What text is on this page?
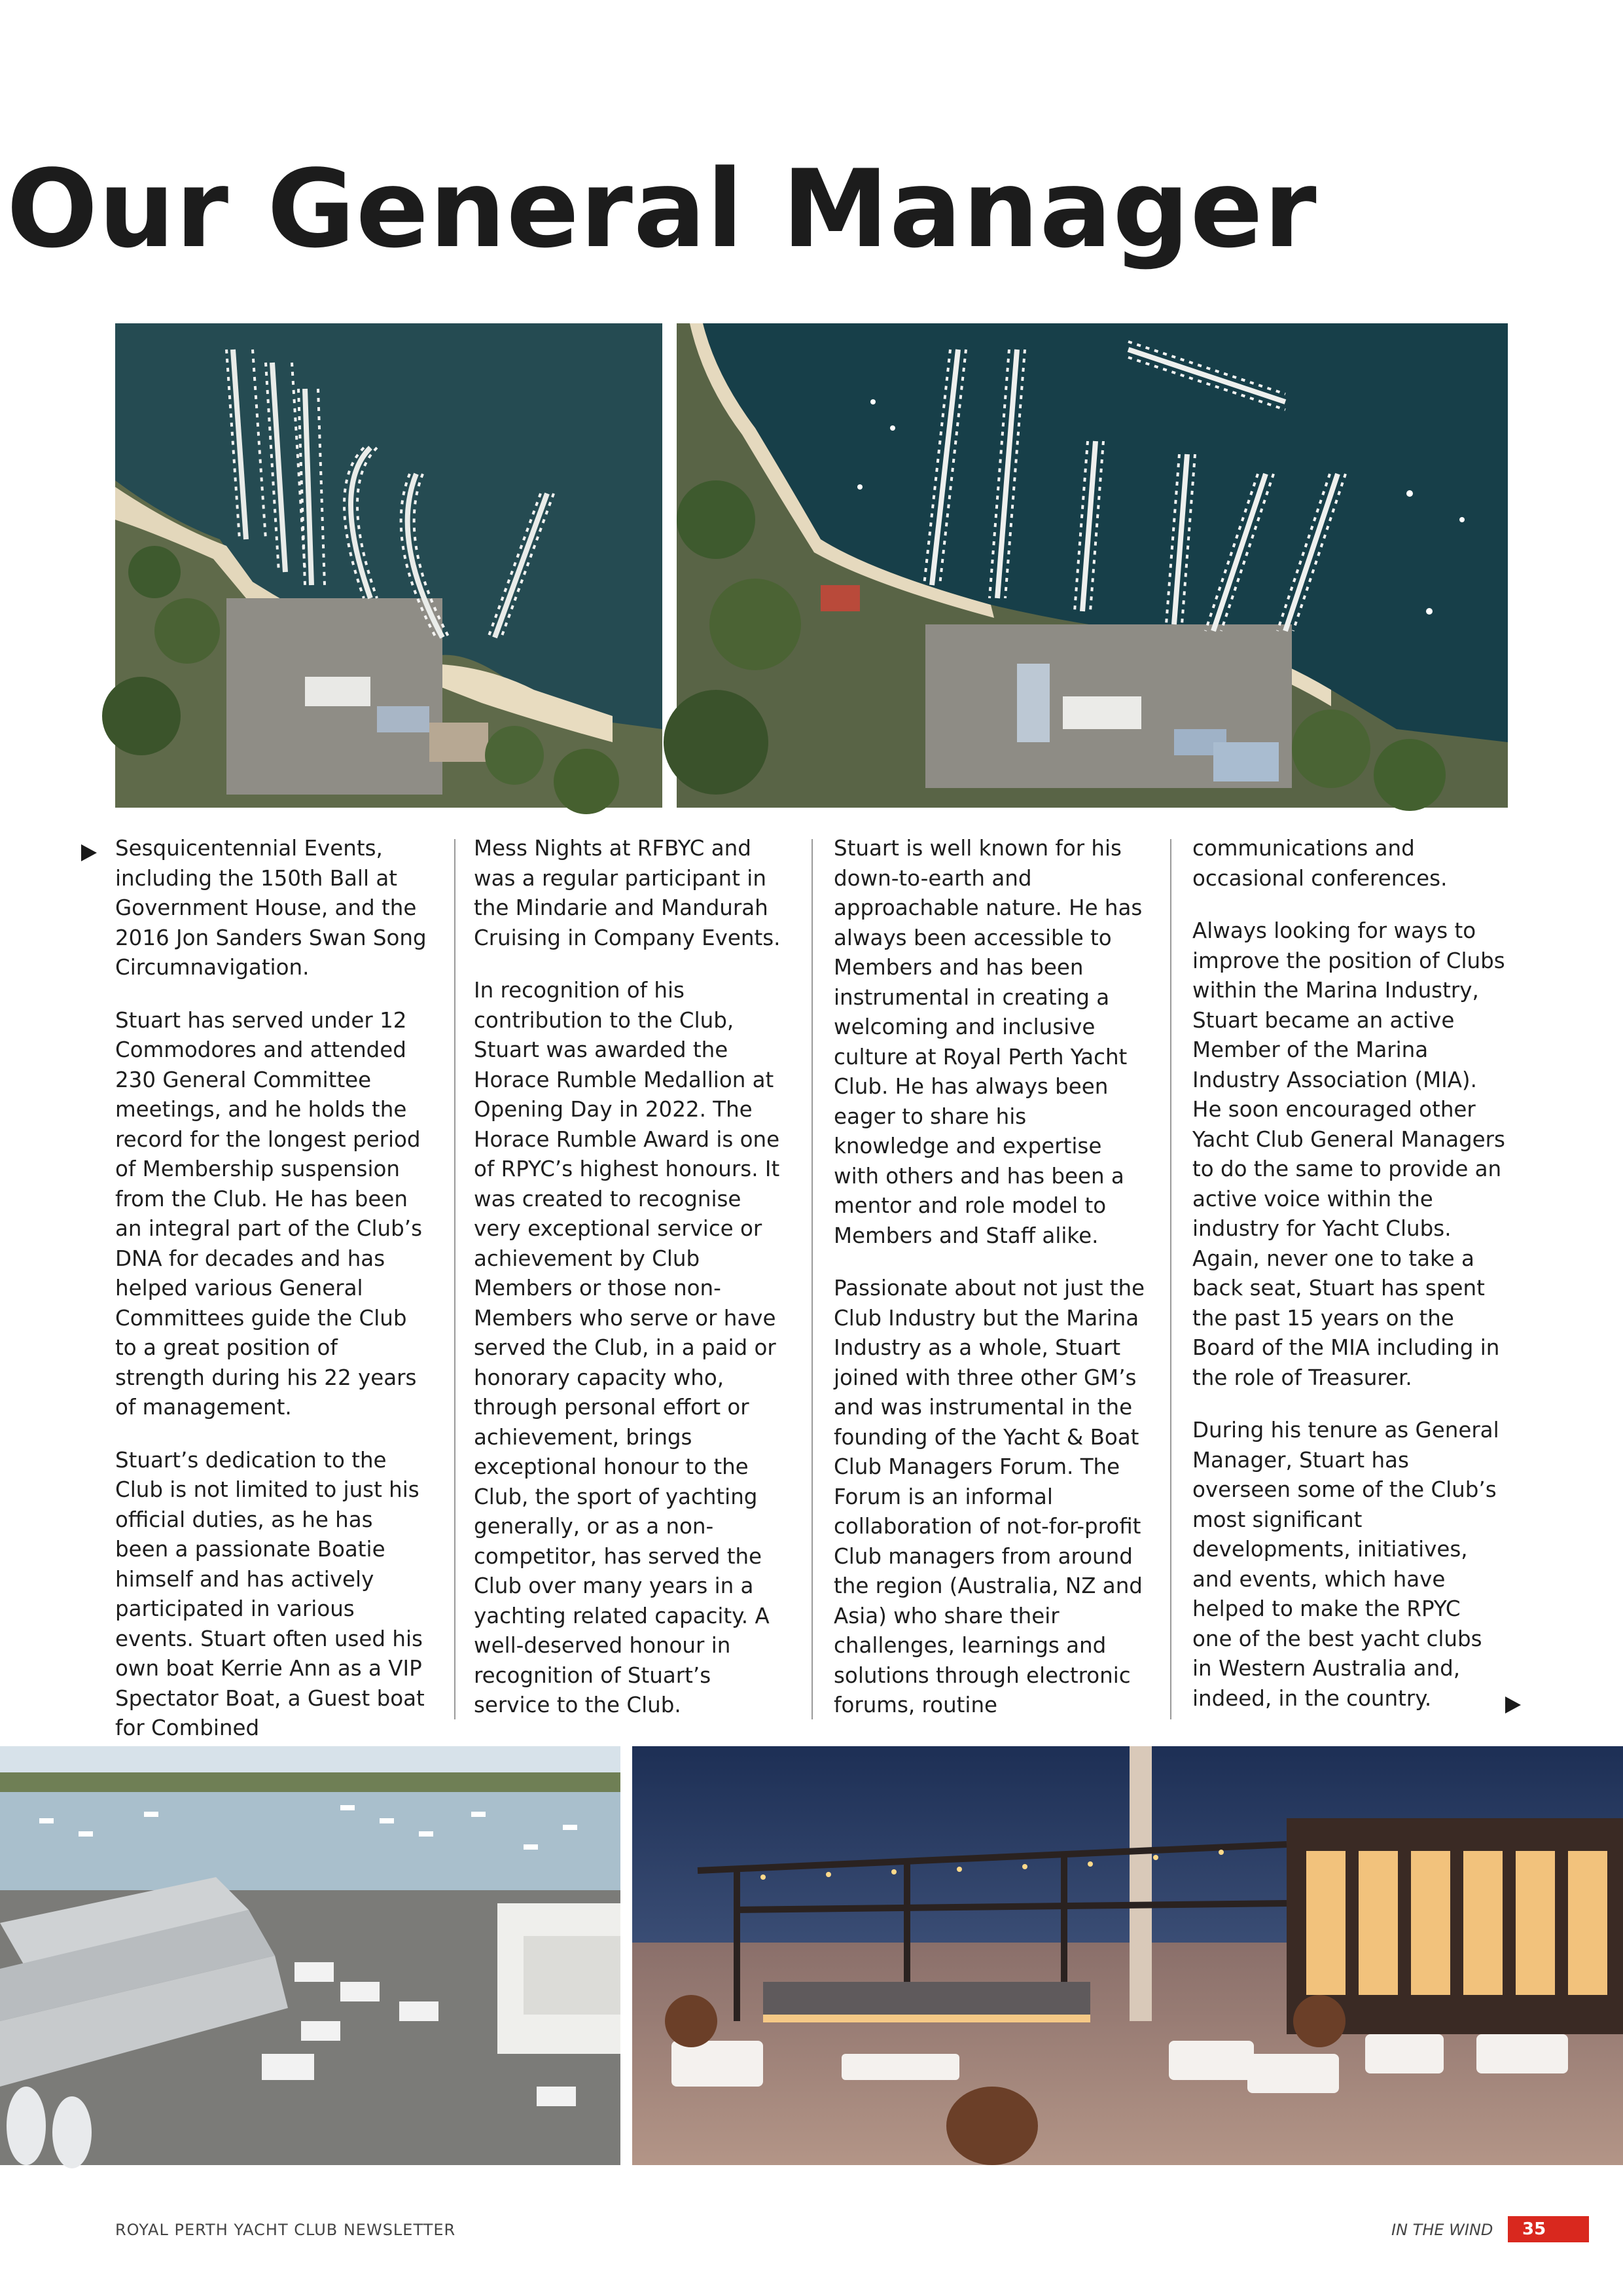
Our General Manager

Sesquicentennial Events, including the 150th Ball at Government House, and the 2016 Jon Sanders Swan Song Circumnavigation.

Stuart has served under 12 Commodores and attended 230 General Committee meetings, and he holds the record for the longest period of Membership suspension from the Club. He has been an integral part of the Club’s DNA for decades and has helped various General Committees guide the Club to a great position of strength during his 22 years of management.

Stuart’s dedication to the Club is not limited to just his official duties, as he has been a passionate Boatie himself and has actively participated in various events. Stuart often used his own boat Kerrie Ann as a VIP Spectator Boat, a Guest boat for Combined

Mess Nights at RFBYC and was a regular participant in the Mindarie and Mandurah Cruising in Company Events.

In recognition of his contribution to the Club, Stuart was awarded the Horace Rumble Medallion at Opening Day in 2022. The Horace Rumble Award is one of RPYC’s highest honours. It was created to recognise very exceptional service or achievement by Club Members or those non-Members who serve or have served the Club, in a paid or honorary capacity who, through personal effort or achievement, brings exceptional honour to the Club, the sport of yachting generally, or as a non-competitor, has served the Club over many years in a yachting related capacity. A well-deserved honour in recognition of Stuart’s service to the Club.

Stuart is well known for his down-to-earth and approachable nature. He has always been accessible to Members and has been instrumental in creating a welcoming and inclusive culture at Royal Perth Yacht Club. He has always been eager to share his knowledge and expertise with others and has been a mentor and role model to Members and Staff alike.

Passionate about not just the Club Industry but the Marina Industry as a whole, Stuart joined with three other GM’s and was instrumental in the founding of the Yacht & Boat Club Managers Forum. The Forum is an informal collaboration of not-for-profit Club managers from around the region (Australia, NZ and Asia) who share their challenges, learnings and solutions through electronic forums, routine

communications and occasional conferences.

Always looking for ways to improve the position of Clubs within the Marina Industry, Stuart became an active Member of the Marina Industry Association (MIA). He soon encouraged other Yacht Club General Managers to do the same to provide an active voice within the industry for Yacht Clubs. Again, never one to take a back seat, Stuart has spent the past 15 years on the Board of the MIA including in the role of Treasurer.

During his tenure as General Manager, Stuart has overseen some of the Club’s most significant developments, initiatives, and events, which have helped to make the RPYC one of the best yacht clubs in Western Australia and, indeed, in the country.

ROYAL PERTH YACHT CLUB NEWSLETTER	IN THE WIND	35
